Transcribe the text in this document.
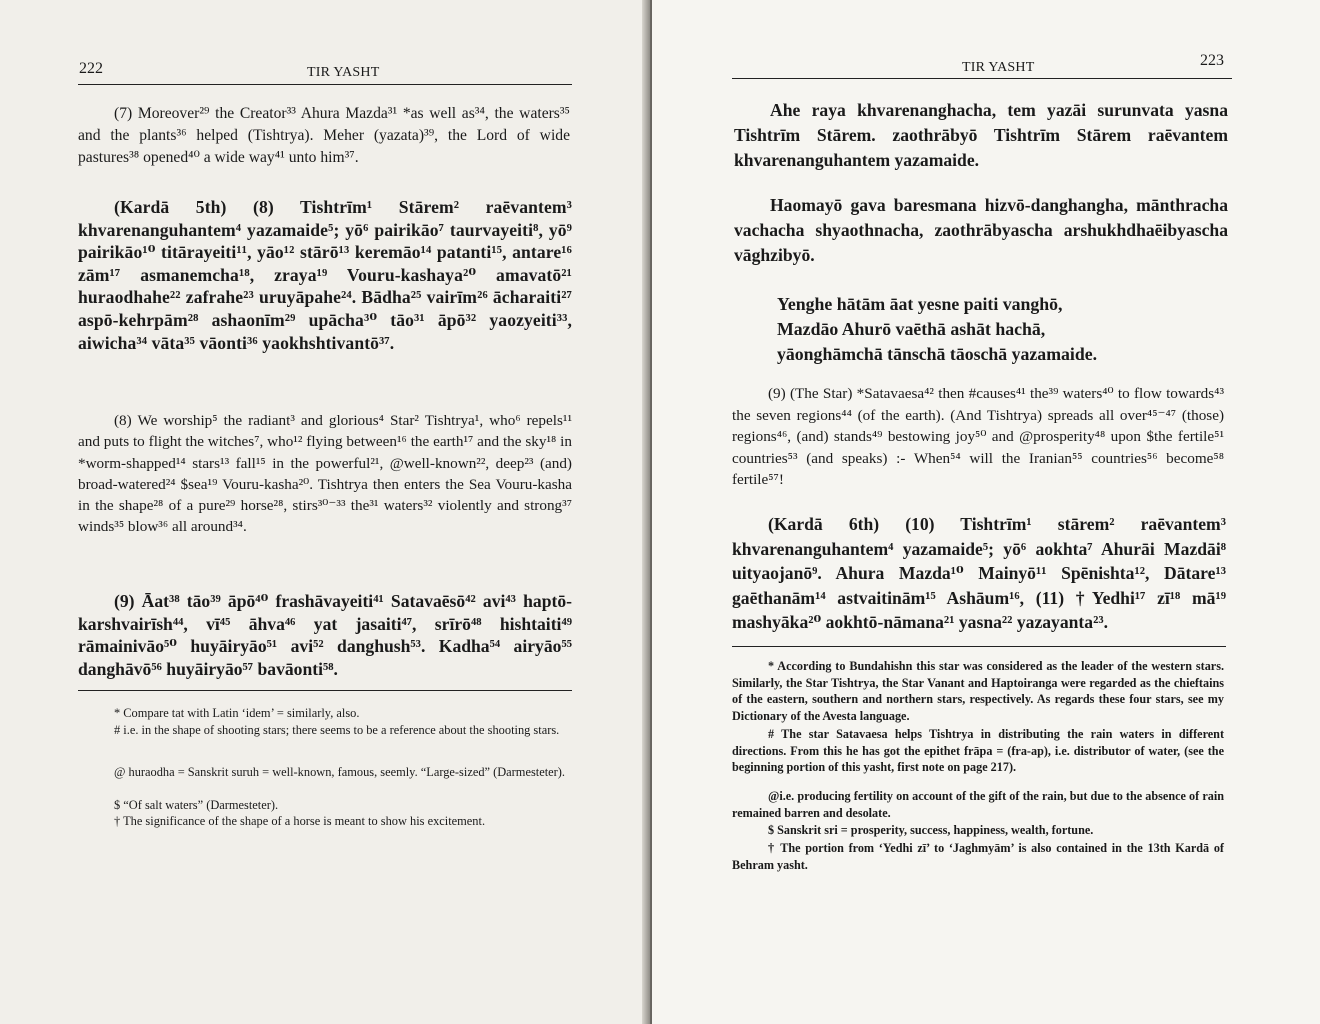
222	TIR YASHT

(7) Moreover²⁹ the Creator³³ Ahura Mazda³¹ *as well as³⁴, the waters³⁵ and the plants³⁶ helped (Tishtrya). Meher (yazata)³⁹, the Lord of wide pastures³⁸ opened⁴⁰ a wide way⁴¹ unto him³⁷.

(Kardā 5th) (8) Tishtrīm¹ Stārem² raēvantem³ khvarenanguhantem⁴ yazamaide⁵; yō⁶ pairikāo⁷ taurvayeiti⁸, yō⁹ pairikāo¹⁰ titārayeiti¹¹, yāo¹² stārō¹³ keremāo¹⁴ patanti¹⁵, antare¹⁶ zām¹⁷ asmanemcha¹⁸, zraya¹⁹ Vouru-kashaya²⁰ amavatō²¹ huraodhahe²² zafrahe²³ uruyāpahe²⁴. Bādha²⁵ vairīm²⁶ ācharaiti²⁷ aspō-kehrpām²⁸ ashaonīm²⁹ upācha³⁰ tāo³¹ āpō³² yaozyeiti³³, aiwicha³⁴ vāta³⁵ vāonti³⁶ yaokhshtivantō³⁷.

(8) We worship⁵ the radiant³ and glorious⁴ Star² Tishtrya¹, who⁶ repels¹¹ and puts to flight the witches⁷, who¹² flying between¹⁶ the earth¹⁷ and the sky¹⁸ in *worm-shapped¹⁴ stars¹³ fall¹⁵ in the powerful²¹, @well-known²², deep²³ (and) broad-watered²⁴ $sea¹⁹ Vouru-kasha²⁰. Tishtrya then enters the Sea Vouru-kasha in the shape²⁸ of a pure²⁹ horse²⁸, stirs³⁰⁻³³ the³¹ waters³² violently and strong³⁷ winds³⁵ blow³⁶ all around³⁴.

(9) Āat³⁸ tāo³⁹ āpō⁴⁰ frashāvayeiti⁴¹ Satavaēsō⁴² avi⁴³ haptō-karshvairīsh⁴⁴, vī⁴⁵ āhva⁴⁶ yat jasaiti⁴⁷, srīrō⁴⁸ hishtaiti⁴⁹ rāmainivāo⁵⁰ huyāiryāo⁵¹ avi⁵² danghush⁵³. Kadha⁵⁴ airyāo⁵⁵ danghāvō⁵⁶ huyāiryāo⁵⁷ bavāonti⁵⁸.

* Compare tat with Latin ‘idem’ = similarly, also.

# i.e. in the shape of shooting stars; there seems to be a reference about the shooting stars.

@ huraodha = Sanskrit suruh = well-known, famous, seemly. “Large-sized” (Darmesteter).

$ “Of salt waters” (Darmesteter).

† The significance of the shape of a horse is meant to show his excitement.

223
TIR YASHT

Ahe raya khvarenanghacha, tem yazāi surunvata yasna Tishtrīm Stārem. zaothrābyō Tishtrīm Stārem raēvantem khvarenanguhantem yazamaide.

Haomayō gava baresmana hizvō-danghangha, mānthracha vachacha shyaothnacha, zaothrābyascha arshukhdhaēibyascha vāghzibyō.

Yenghe hātām āat yesne paiti vanghō,

Mazdāo Ahurō vaēthā ashāt hachā,

yāonghāmchā tānschā tāoschā yazamaide.

(9) (The Star) *Satavaesa⁴² then #causes⁴¹ the³⁹ waters⁴⁰ to flow towards⁴³ the seven regions⁴⁴ (of the earth). (And Tishtrya) spreads all over⁴⁵⁻⁴⁷ (those) regions⁴⁶, (and) stands⁴⁹ bestowing joy⁵⁰ and @prosperity⁴⁸ upon $the fertile⁵¹ countries⁵³ (and speaks) :- When⁵⁴ will the Iranian⁵⁵ countries⁵⁶ become⁵⁸ fertile⁵⁷!

(Kardā 6th) (10) Tishtrīm¹ stārem² raēvantem³ khvarenanguhantem⁴ yazamaide⁵; yō⁶ aokhta⁷ Ahurāi Mazdāi⁸ uityaojanō⁹. Ahura Mazda¹⁰ Mainyō¹¹ Spēnishta¹², Dātare¹³ gaēthanām¹⁴ astvaitinām¹⁵ Ashāum¹⁶, (11) †Yedhi¹⁷ zī¹⁸ mā¹⁹ mashyāka²⁰ aokhtō-nāmana²¹ yasna²² yazayanta²³.

* According to Bundahishn this star was considered as the leader of the western stars. Similarly, the Star Tishtrya, the Star Vanant and Haptoiranga were regarded as the chieftains of the eastern, southern and northern stars, respectively. As regards these four stars, see my Dictionary of the Avesta language.

# The star Satavaesa helps Tishtrya in distributing the rain waters in different directions. From this he has got the epithet frāpa = (fra-ap), i.e. distributor of water, (see the beginning portion of this yasht, first note on page 217).

@i.e. producing fertility on account of the gift of the rain, but due to the absence of rain remained barren and desolate.

$ Sanskrit sri = prosperity, success, happiness, wealth, fortune.

† The portion from ‘Yedhi zī’ to ‘Jaghmyām’ is also contained in the 13th Kardā of Behram yasht.
